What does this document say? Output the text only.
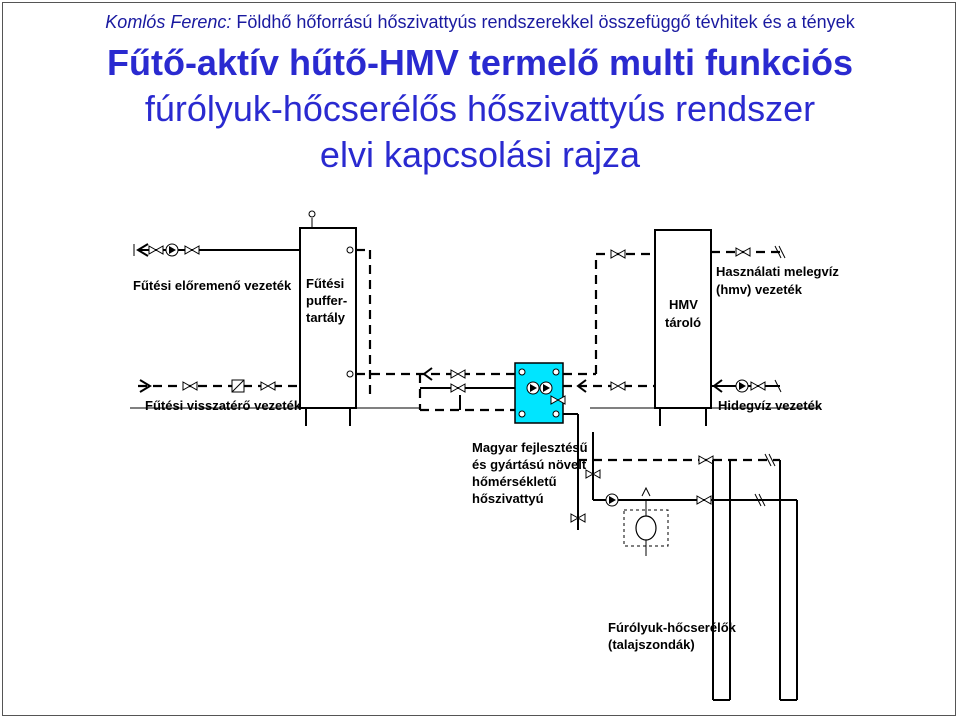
Komlós Ferenc: Földhő hőforrású hőszivattyús rendszerekkel összefüggő tévhitek és a tények
Fűtő-aktív hűtő-HMV termelő multi funkciós
fúrólyuk-hőcserélős hőszivattyús rendszer
elvi kapcsolási rajza
Fűtési előremenő vezeték Fűtési
puffer-
tartály
HMV
tároló
Használati melegvíz
(hmv) vezeték
Fűtési visszatérő vezeték	Hidegvíz vezeték
Magyar fejlesztésű
és gyártású növelt
hőmérsékletű
hőszivattyú
Fúrólyuk-hőcserélők
(talajszondák)
